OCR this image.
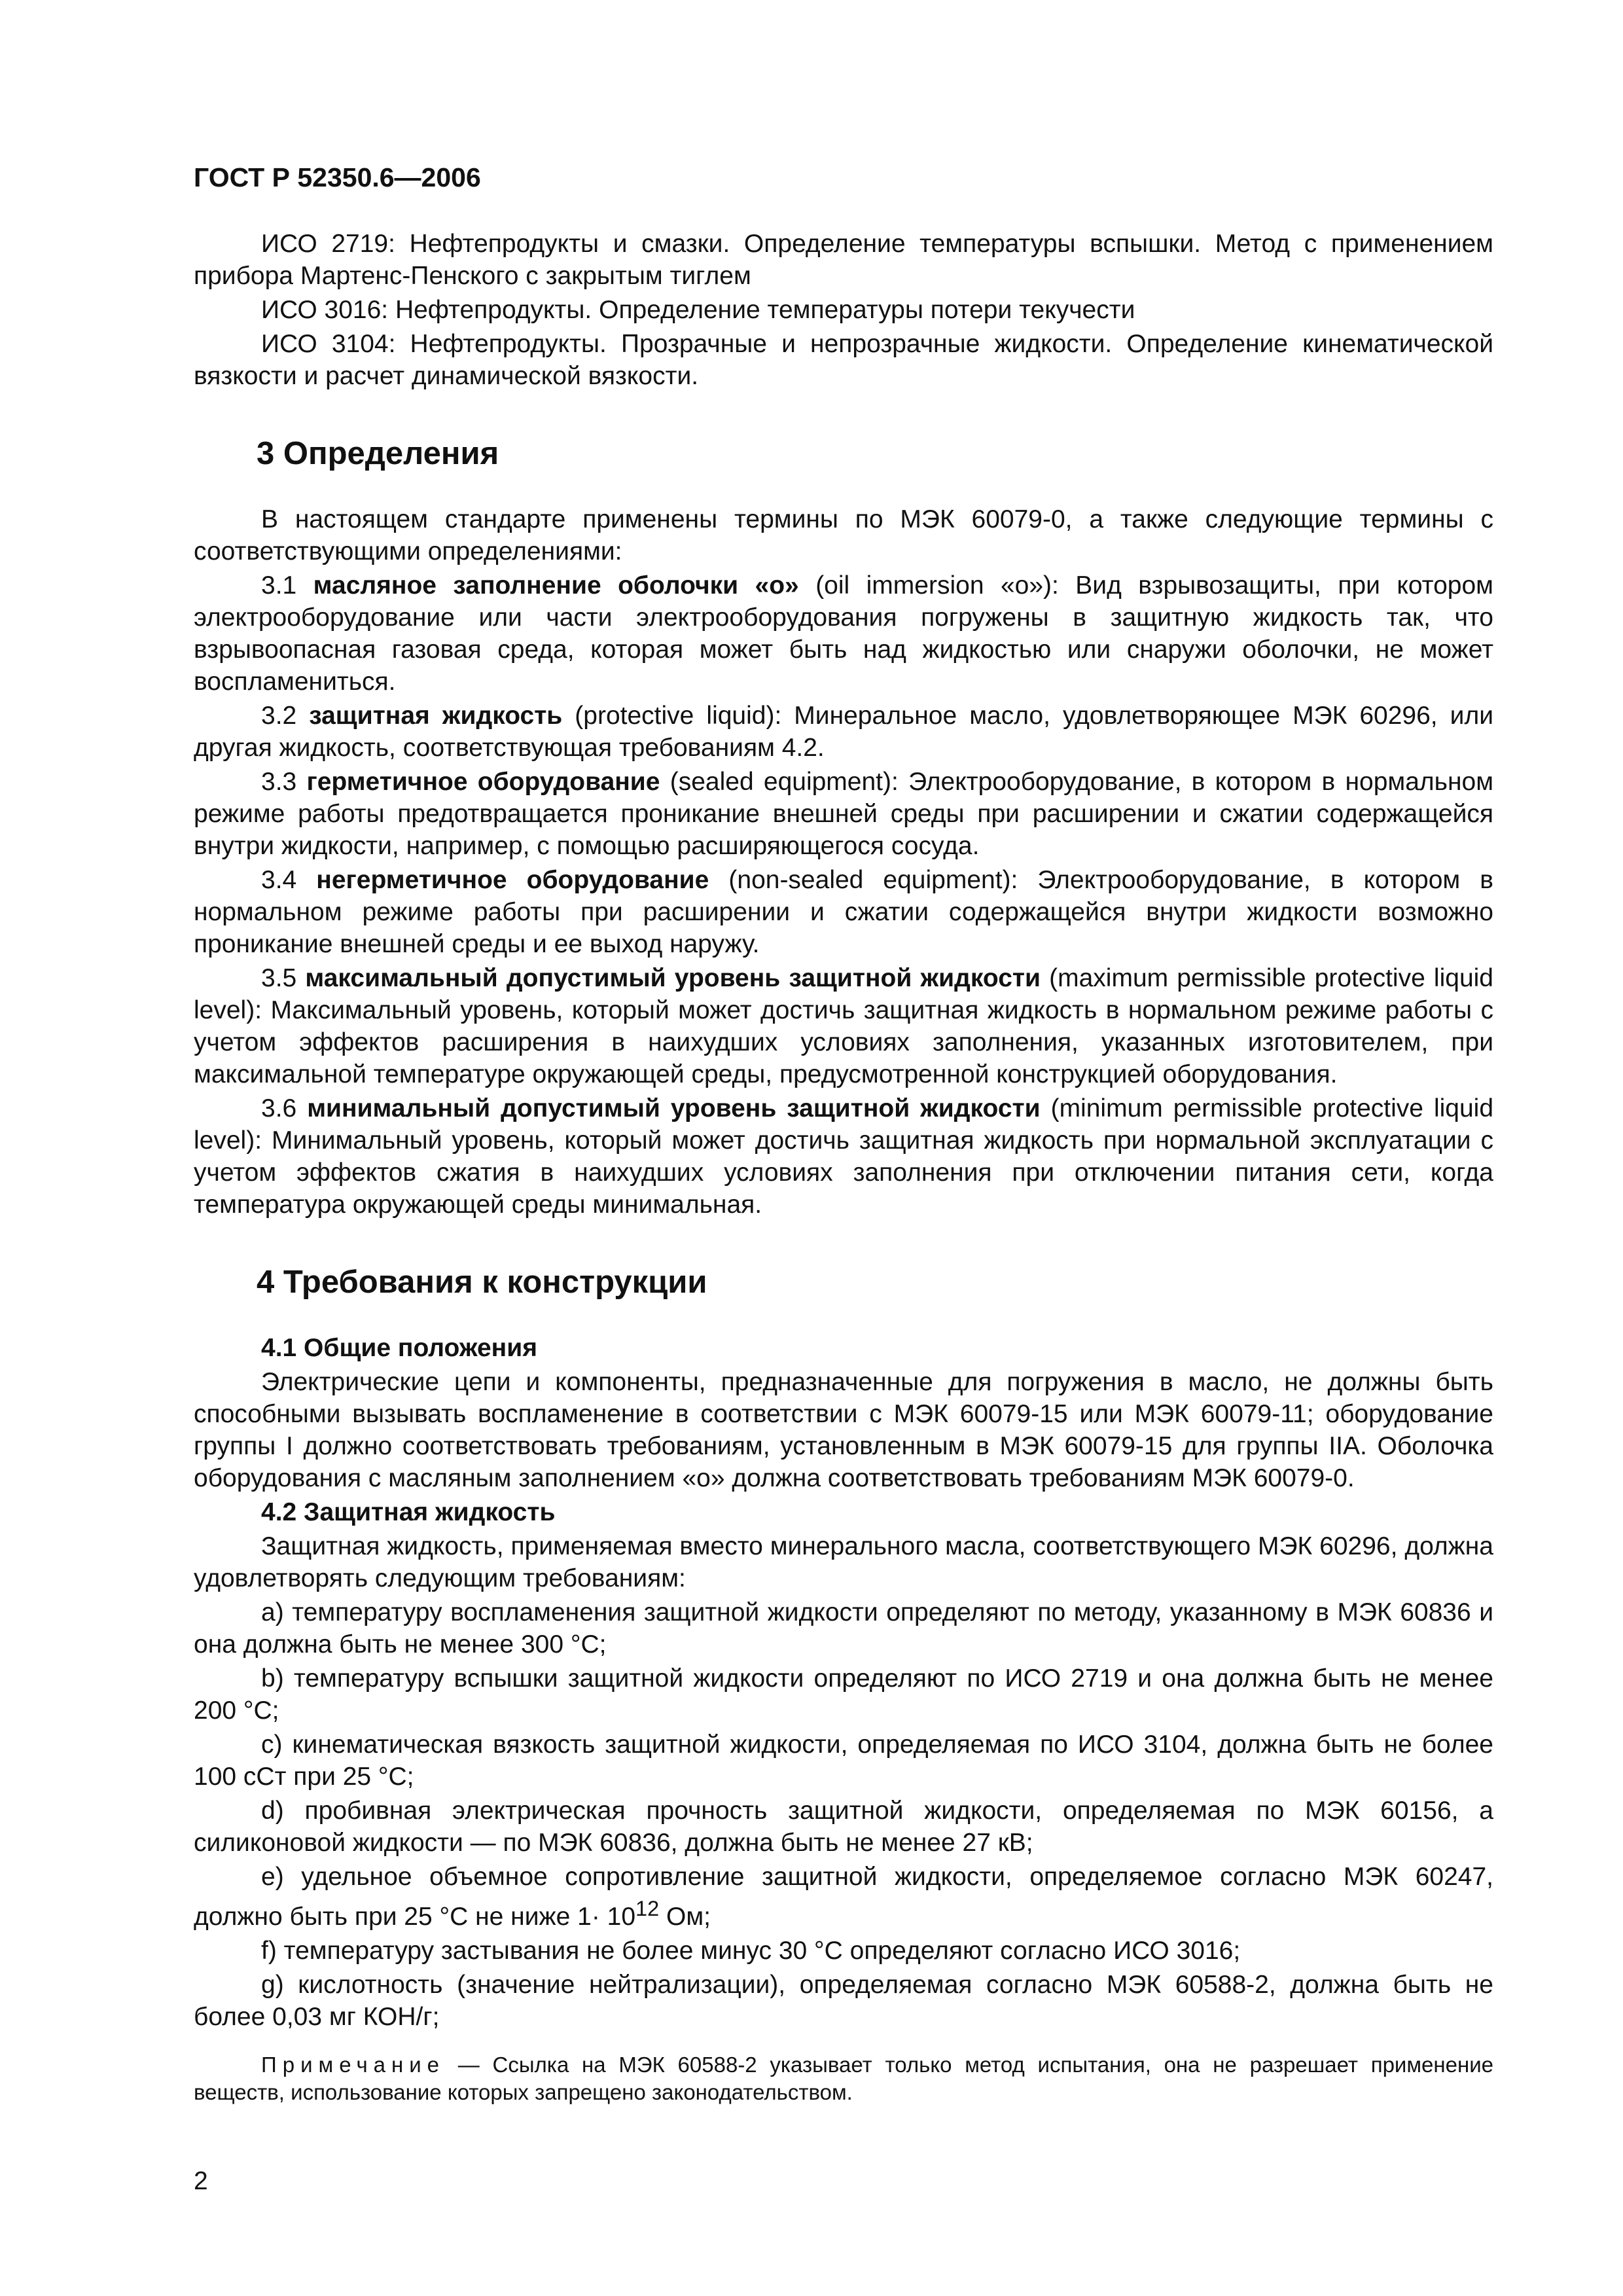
ГОСТ Р 52350.6—2006

ИСО 2719: Нефтепродукты и смазки. Определение температуры вспышки. Метод с применением прибора Мартенс-Пенского с закрытым тиглем

ИСО 3016: Нефтепродукты. Определение температуры потери текучести

ИСО 3104: Нефтепродукты. Прозрачные и непрозрачные жидкости. Определение кинематической вязкости и расчет динамической вязкости.

3 Определения

В настоящем стандарте применены термины по МЭК 60079-0, а также следующие термины с соответствующими определениями:

3.1 масляное заполнение оболочки «о» (oil immersion «о»): Вид взрывозащиты, при котором электрооборудование или части электрооборудования погружены в защитную жидкость так, что взрывоопасная газовая среда, которая может быть над жидкостью или снаружи оболочки, не может воспламениться.

3.2 защитная жидкость (protective liquid): Минеральное масло, удовлетворяющее МЭК 60296, или другая жидкость, соответствующая требованиям 4.2.

3.3 герметичное оборудование (sealed equipment): Электрооборудование, в котором в нормальном режиме работы предотвращается проникание внешней среды при расширении и сжатии содержащейся внутри жидкости, например, с помощью расширяющегося сосуда.

3.4 негерметичное оборудование (non-sealed equipment): Электрооборудование, в котором в нормальном режиме работы при расширении и сжатии содержащейся внутри жидкости возможно проникание внешней среды и ее выход наружу.

3.5 максимальный допустимый уровень защитной жидкости (maximum permissible protective liquid level): Максимальный уровень, который может достичь защитная жидкость в нормальном режиме работы с учетом эффектов расширения в наихудших условиях заполнения, указанных изготовителем, при максимальной температуре окружающей среды, предусмотренной конструкцией оборудования.

3.6 минимальный допустимый уровень защитной жидкости (minimum permissible protective liquid level): Минимальный уровень, который может достичь защитная жидкость при нормальной эксплуатации с учетом эффектов сжатия в наихудших условиях заполнения при отключении питания сети, когда температура окружающей среды минимальная.

4 Требования к конструкции
4.1 Общие положения

Электрические цепи и компоненты, предназначенные для погружения в масло, не должны быть способными вызывать воспламенение в соответствии с МЭК 60079-15 или МЭК 60079-11; оборудование группы I должно соответствовать требованиям, установленным в МЭК 60079-15 для группы IIA. Оболочка оборудования с масляным заполнением «о» должна соответствовать требованиям МЭК 60079-0.

4.2 Защитная жидкость

Защитная жидкость, применяемая вместо минерального масла, соответствующего МЭК 60296, должна удовлетворять следующим требованиям:

a) температуру воспламенения защитной жидкости определяют по методу, указанному в МЭК 60836 и она должна быть не менее 300 °С;

b) температуру вспышки защитной жидкости определяют по ИСО 2719 и она должна быть не менее 200 °С;

c) кинематическая вязкость защитной жидкости, определяемая по ИСО 3104, должна быть не более 100 сСт при 25 °С;

d) пробивная электрическая прочность защитной жидкости, определяемая по МЭК 60156, а силиконовой жидкости — по МЭК 60836, должна быть не менее 27 кВ;

e) удельное объемное сопротивление защитной жидкости, определяемое согласно МЭК 60247, должно быть при 25 °С не ниже $1\cdot 10^{12}$ Ом;

f) температуру застывания не более минус 30 °С определяют согласно ИСО 3016;

g) кислотность (значение нейтрализации), определяемая согласно МЭК 60588-2, должна быть не более 0,03 мг КОН/г;

Примечание — Ссылка на МЭК 60588-2 указывает только метод испытания, она не разрешает применение веществ, использование которых запрещено законодательством.

2
